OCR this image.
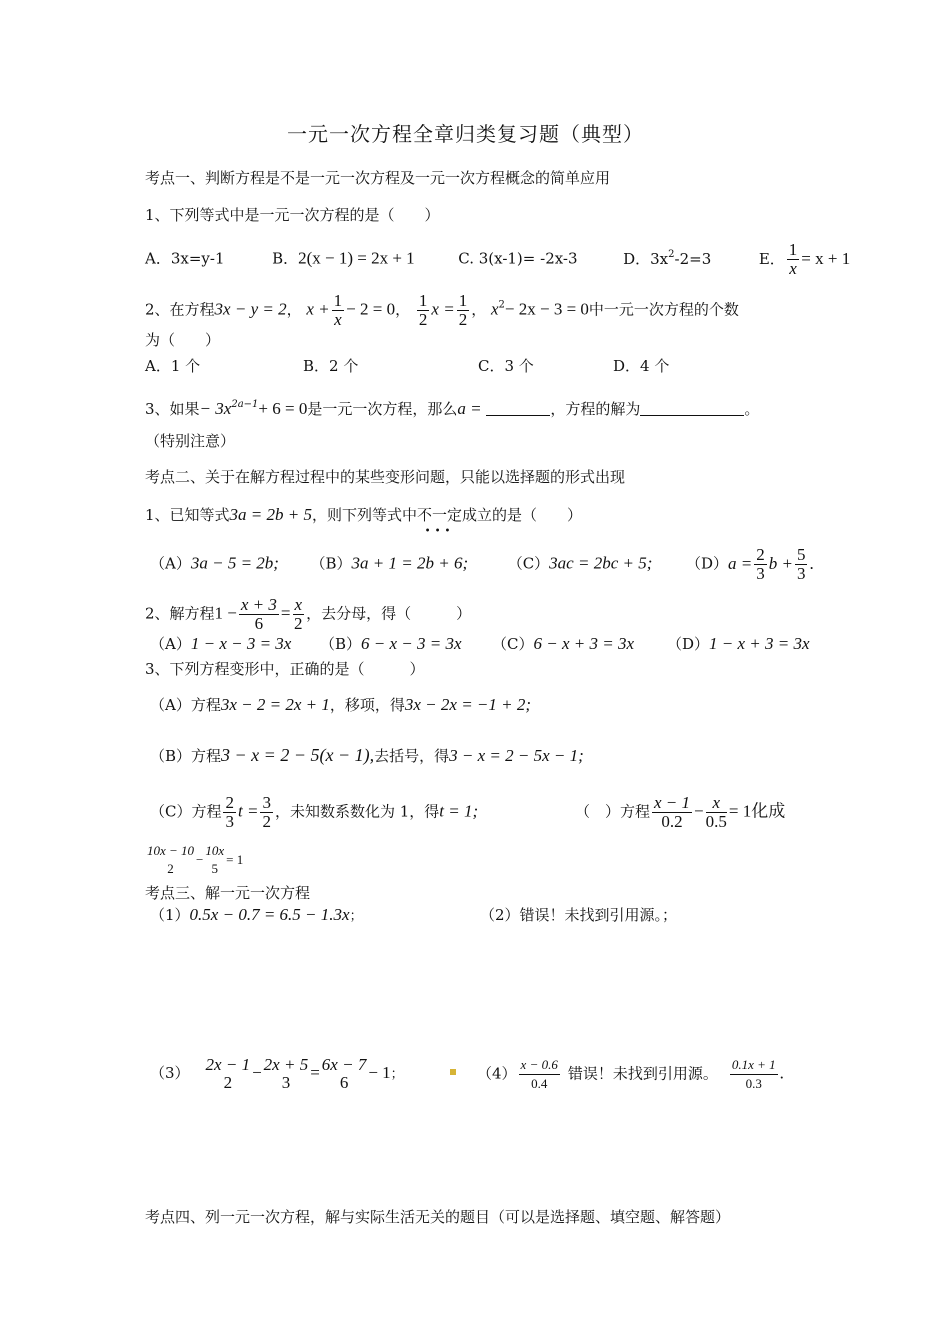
一元一次方程全章归类复习题（典型）
考点一、判断方程是不是一元一次方程及一元一次方程概念的简单应用
1、下列等式中是一元一次方程的是（　　）
A．3x=y-1	B．2(x − 1) = 2x + 1	C. 3(x-1)= -2x-3	D．$3x^2-2=3$	E． $\frac{1}{x} = x + 1$
2、在方程3x − y = 2， $x + \frac{1}{x} - 2 = 0$， $\frac{1}{2}$ $x = \frac{1}{2}$ ， $x^2- 2x - 3 = 0$中一元一次方程的个数
为（　　）
A．1 个	B．2 个	C．3 个	D．4 个
3、如果− $3x^{2a-1}+ 6 = 0$是一元一次方程，那么a =	，方程的解为	。
（特别注意）
考点二、关于在解方程过程中的某些变形问题，只能以选择题的形式出现
1、已知等式3a = 2b + 5，则下列等式中不一定
•••
成立的是（　　）
（A）3a − 5 = 2b; （B）3a + 1 = 2b + 6;	（C）3ac = 2bc + 5; $(D)a = \frac{2}{3}$ $b + \frac{5}{3}$ .
2、解方程$1 - \frac{x + 3}{6} = \frac{x}{2}$ ，去分母，得（　　　）
（A）1 − x − 3 = 3x （B）6 − x − 3 = 3x （C）6 − x + 3 = 3x （D）1 − x + 3 = 3x
3、下列方程变形中，正确的是（　　　）
（A）方程3x − 2 = 2x + 1，移项，得3x − 2x = −1 + 2;
（B）方程3 − x = 2 − 5(x − 1),去括号，得3 − x = 2 − 5x − 1;
（C）方程 $\frac{2}{3}$ $t = \frac{3}{2}$ ，未知数系数化为 1，得t = 1;	（　）方程 $\frac{x - 1}{0.2} - \frac{x}{0.5} = 1$化成
10x − 10
2
−
10x
5
= 1
考点三、解一元一次方程
（1）0.5x − 0.7 = 6.5 − 1.3x；	（2）错误！未找到引用源。；
（3） 2x − 1
2
− 2x + 5
3
= 6x − 7
6
− 1；	$(4) \frac{x - 0.6}{0.4}$ 错误！未找到引用源。 $\frac{0.1x + 1}{0.3}$ .
考点四、列一元一次方程，解与实际生活无关的题目（可以是选择题、填空题、解答题）
